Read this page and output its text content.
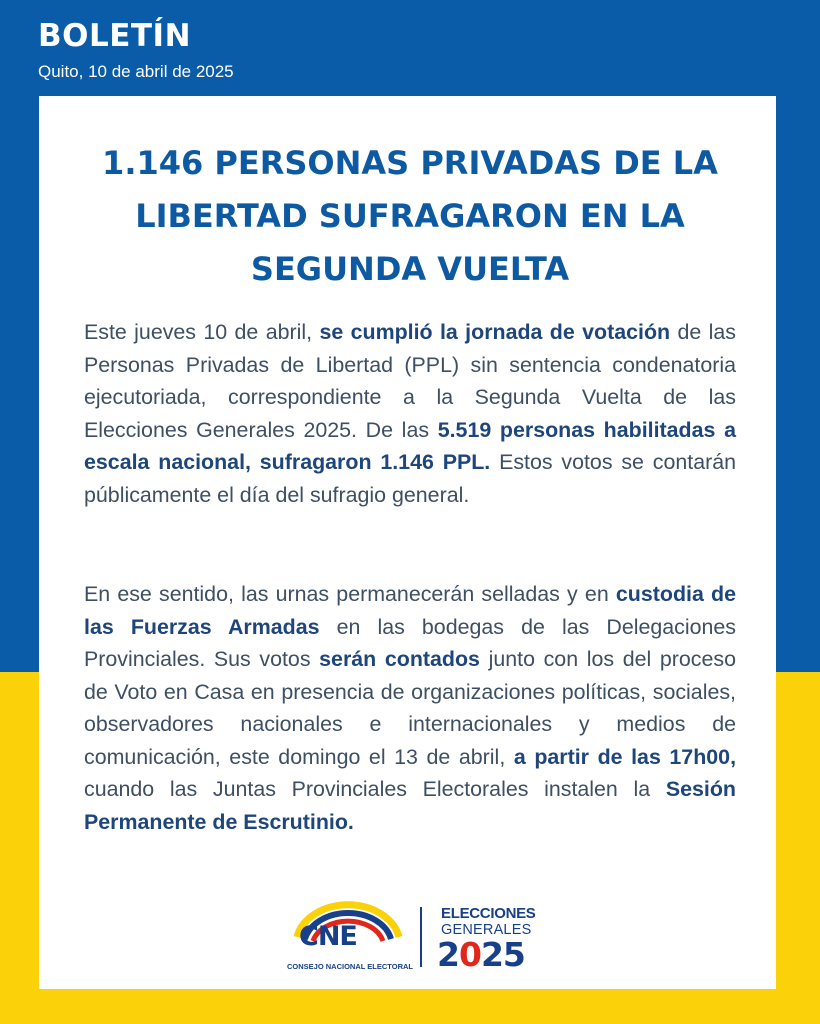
BOLETÍN
Quito, 10 de abril de 2025
1.146 PERSONAS PRIVADAS DE LA LIBERTAD SUFRAGARON EN LA SEGUNDA VUELTA
Este jueves 10 de abril, se cumplió la jornada de votación de las Personas Privadas de Libertad (PPL) sin sentencia condenatoria ejecutoriada, correspondiente a la Segunda Vuelta de las Elecciones Generales 2025. De las 5.519 personas habilitadas a escala nacional, sufragaron 1.146 PPL. Estos votos se contarán públicamente el día del sufragio general.
En ese sentido, las urnas permanecerán selladas y en custodia de las Fuerzas Armadas en las bodegas de las Delegaciones Provinciales. Sus votos serán contados junto con los del proceso de Voto en Casa en presencia de organizaciones políticas, sociales, observadores nacionales e internacionales y medios de comunicación, este domingo el 13 de abril, a partir de las 17h00, cuando las Juntas Provinciales Electorales instalen la Sesión Permanente de Escrutinio.
CNE
CONSEJO NACIONAL ELECTORAL
ELECCIONES
GENERALES
2025
